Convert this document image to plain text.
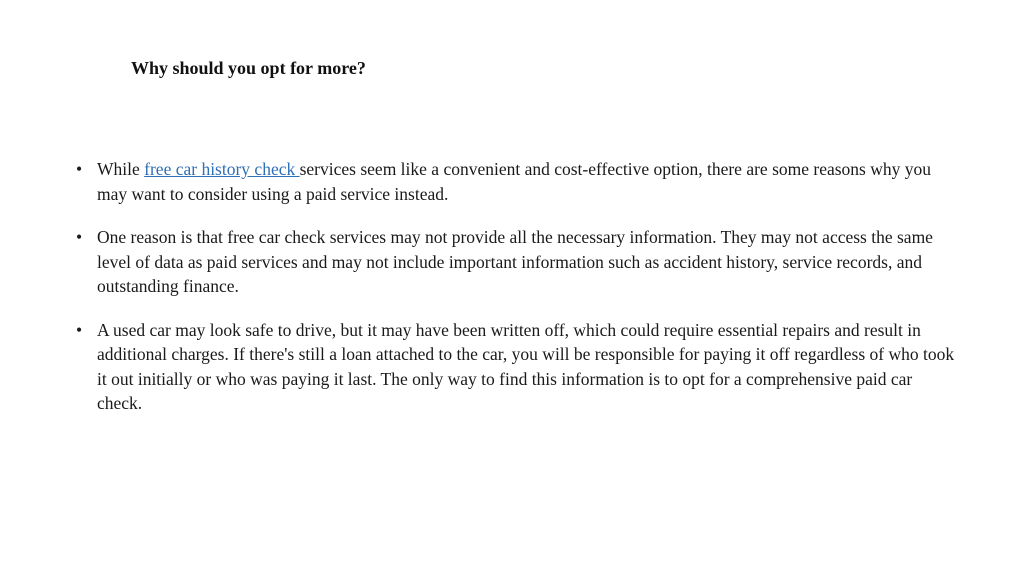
Why should you opt for more?
• While free car history check services seem like a convenient and cost-effective option, there are some reasons why you may want to consider using a paid service instead.
• One reason is that free car check services may not provide all the necessary information. They may not access the same level of data as paid services and may not include important information such as accident history, service records, and outstanding finance.
• A used car may look safe to drive, but it may have been written off, which could require essential repairs and result in additional charges. If there's still a loan attached to the car, you will be responsible for paying it off regardless of who took it out initially or who was paying it last. The only way to find this information is to opt for a comprehensive paid car check.
